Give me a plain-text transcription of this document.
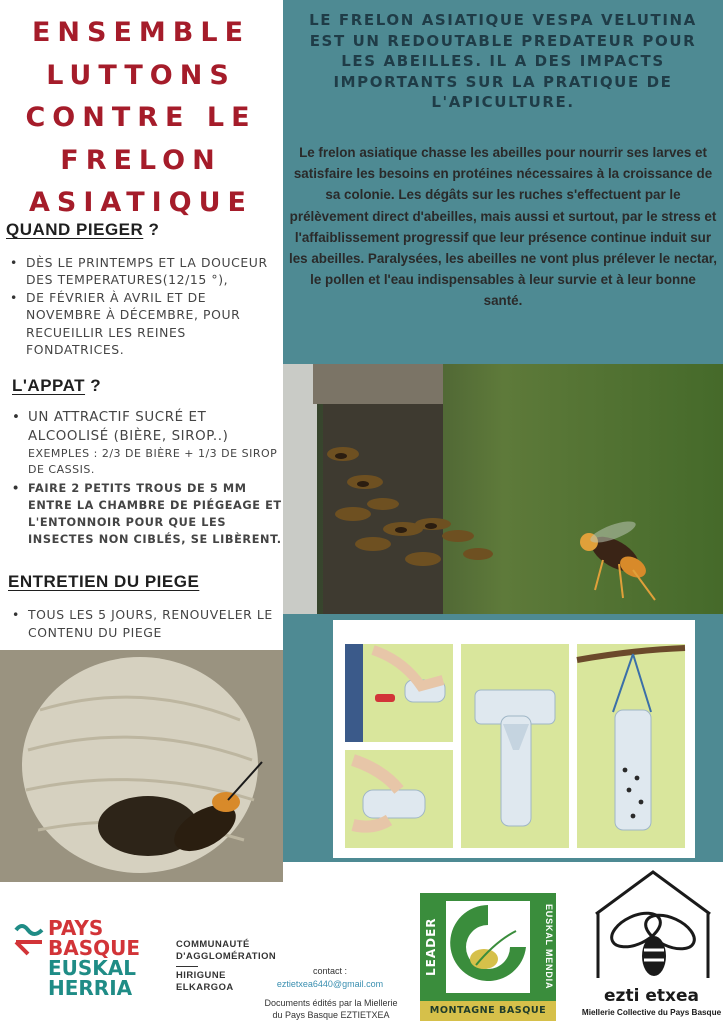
ENSEMBLE
LUTTONS
CONTRE LE
FRELON
ASIATIQUE
QUAND PIEGER ?
• DÈS LE PRINTEMPS ET LA DOUCEUR DES TEMPERATURES(12/15 °),
• DE FÉVRIER À AVRIL ET DE NOVEMBRE À DÉCEMBRE, POUR RECUEILLIR LES REINES FONDATRICES.
L'APPAT ?
• UN ATTRACTIF SUCRÉ ET ALCOOLISÉ (BIÈRE, SIROP..)
EXEMPLES : 2/3 DE BIÈRE + 1/3 DE SIROP DE CASSIS.
• FAIRE 2 PETITS TROUS DE 5 MM ENTRE LA CHAMBRE DE PIÉGEAGE ET L'ENTONNOIR POUR QUE LES INSECTES NON CIBLÉS, SE LIBÈRENT.
ENTRETIEN DU PIEGE
• TOUS LES 5 JOURS, RENOUVELER LE CONTENU DU PIEGE
LE FRELON ASIATIQUE VESPA VELUTINA EST UN REDOUTABLE PREDATEUR POUR LES ABEILLES. IL A DES IMPACTS IMPORTANTS SUR LA PRATIQUE DE L'APICULTURE.
Le frelon asiatique chasse les abeilles pour nourrir ses larves et satisfaire les besoins en protéines nécessaires à la croissance de sa colonie. Les dégâts sur les ruches s'effectuent par le prélèvement direct d'abeilles, mais aussi et surtout, par le stress et l'affaiblissement progressif que leur présence continue induit sur les abeilles. Paralysées, les abeilles ne vont plus prélever le nectar, le pollen et l'eau indispensables à leur survie et à leur bonne santé.
PAYS
BASQUE
EUSKAL
HERRIA
COMMUNAUTÉ
D'AGGLOMÉRATION
HIRIGUNE
ELKARGOA
contact :
eztietxea6440@gmail.com
Documents édités par la Miellerie
du Pays Basque EZTIETXEA
LEADER	EUSKAL MENDIA
MONTAGNE BASQUE
ezti etxea
Miellerie Collective du Pays Basque
